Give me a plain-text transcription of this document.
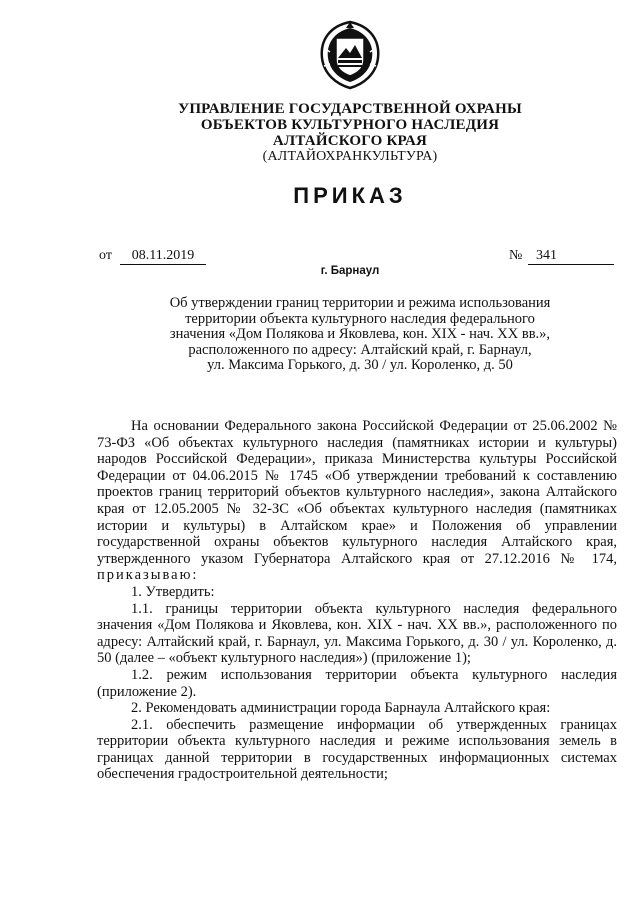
УПРАВЛЕНИЕ ГОСУДАРСТВЕННОЙ ОХРАНЫ
ОБЪЕКТОВ КУЛЬТУРНОГО НАСЛЕДИЯ
АЛТАЙСКОГО КРАЯ
(АЛТАЙОХРАНКУЛЬТУРА)
ПРИКАЗ
от	08.11.2019	№ 341
г. Барнаул
Об утверждении границ территории и режима использования
территории объекта культурного наследия федерального
значения «Дом Полякова и Яковлева, кон. XIX - нач. XX вв.»,
расположенного по адресу: Алтайский край, г. Барнаул,
ул. Максима Горького, д. 30 / ул. Короленко, д. 50

На основании Федерального закона Российской Федерации от 25.06.2002 № 73-ФЗ «Об объектах культурного наследия (памятниках истории и культуры) народов Российской Федерации», приказа Министерства культуры Российской Федерации от 04.06.2015 № 1745 «Об утверждении требований к составлению проектов границ территорий объектов культурного наследия», закона Алтайского края от 12.05.2005 № 32-ЗС «Об объектах культурного наследия (памятниках истории и культуры) в Алтайском крае» и Положения об управлении государственной охраны объектов культурного наследия Алтайского края, утвержденного указом Губернатора Алтайского края от 27.12.2016 № 174, приказываю:

1. Утвердить:

1.1. границы территории объекта культурного наследия федерального значения «Дом Полякова и Яковлева, кон. XIX - нач. XX вв.», расположенного по адресу: Алтайский край, г. Барнаул, ул. Максима Горького, д. 30 / ул. Короленко, д. 50 (далее – «объект культурного наследия») (приложение 1);

1.2. режим использования территории объекта культурного наследия (приложение 2).

2. Рекомендовать администрации города Барнаула Алтайского края:

2.1. обеспечить размещение информации об утвержденных границах территории объекта культурного наследия и режиме использования земель в границах данной территории в государственных информационных системах обеспечения градостроительной деятельности;
